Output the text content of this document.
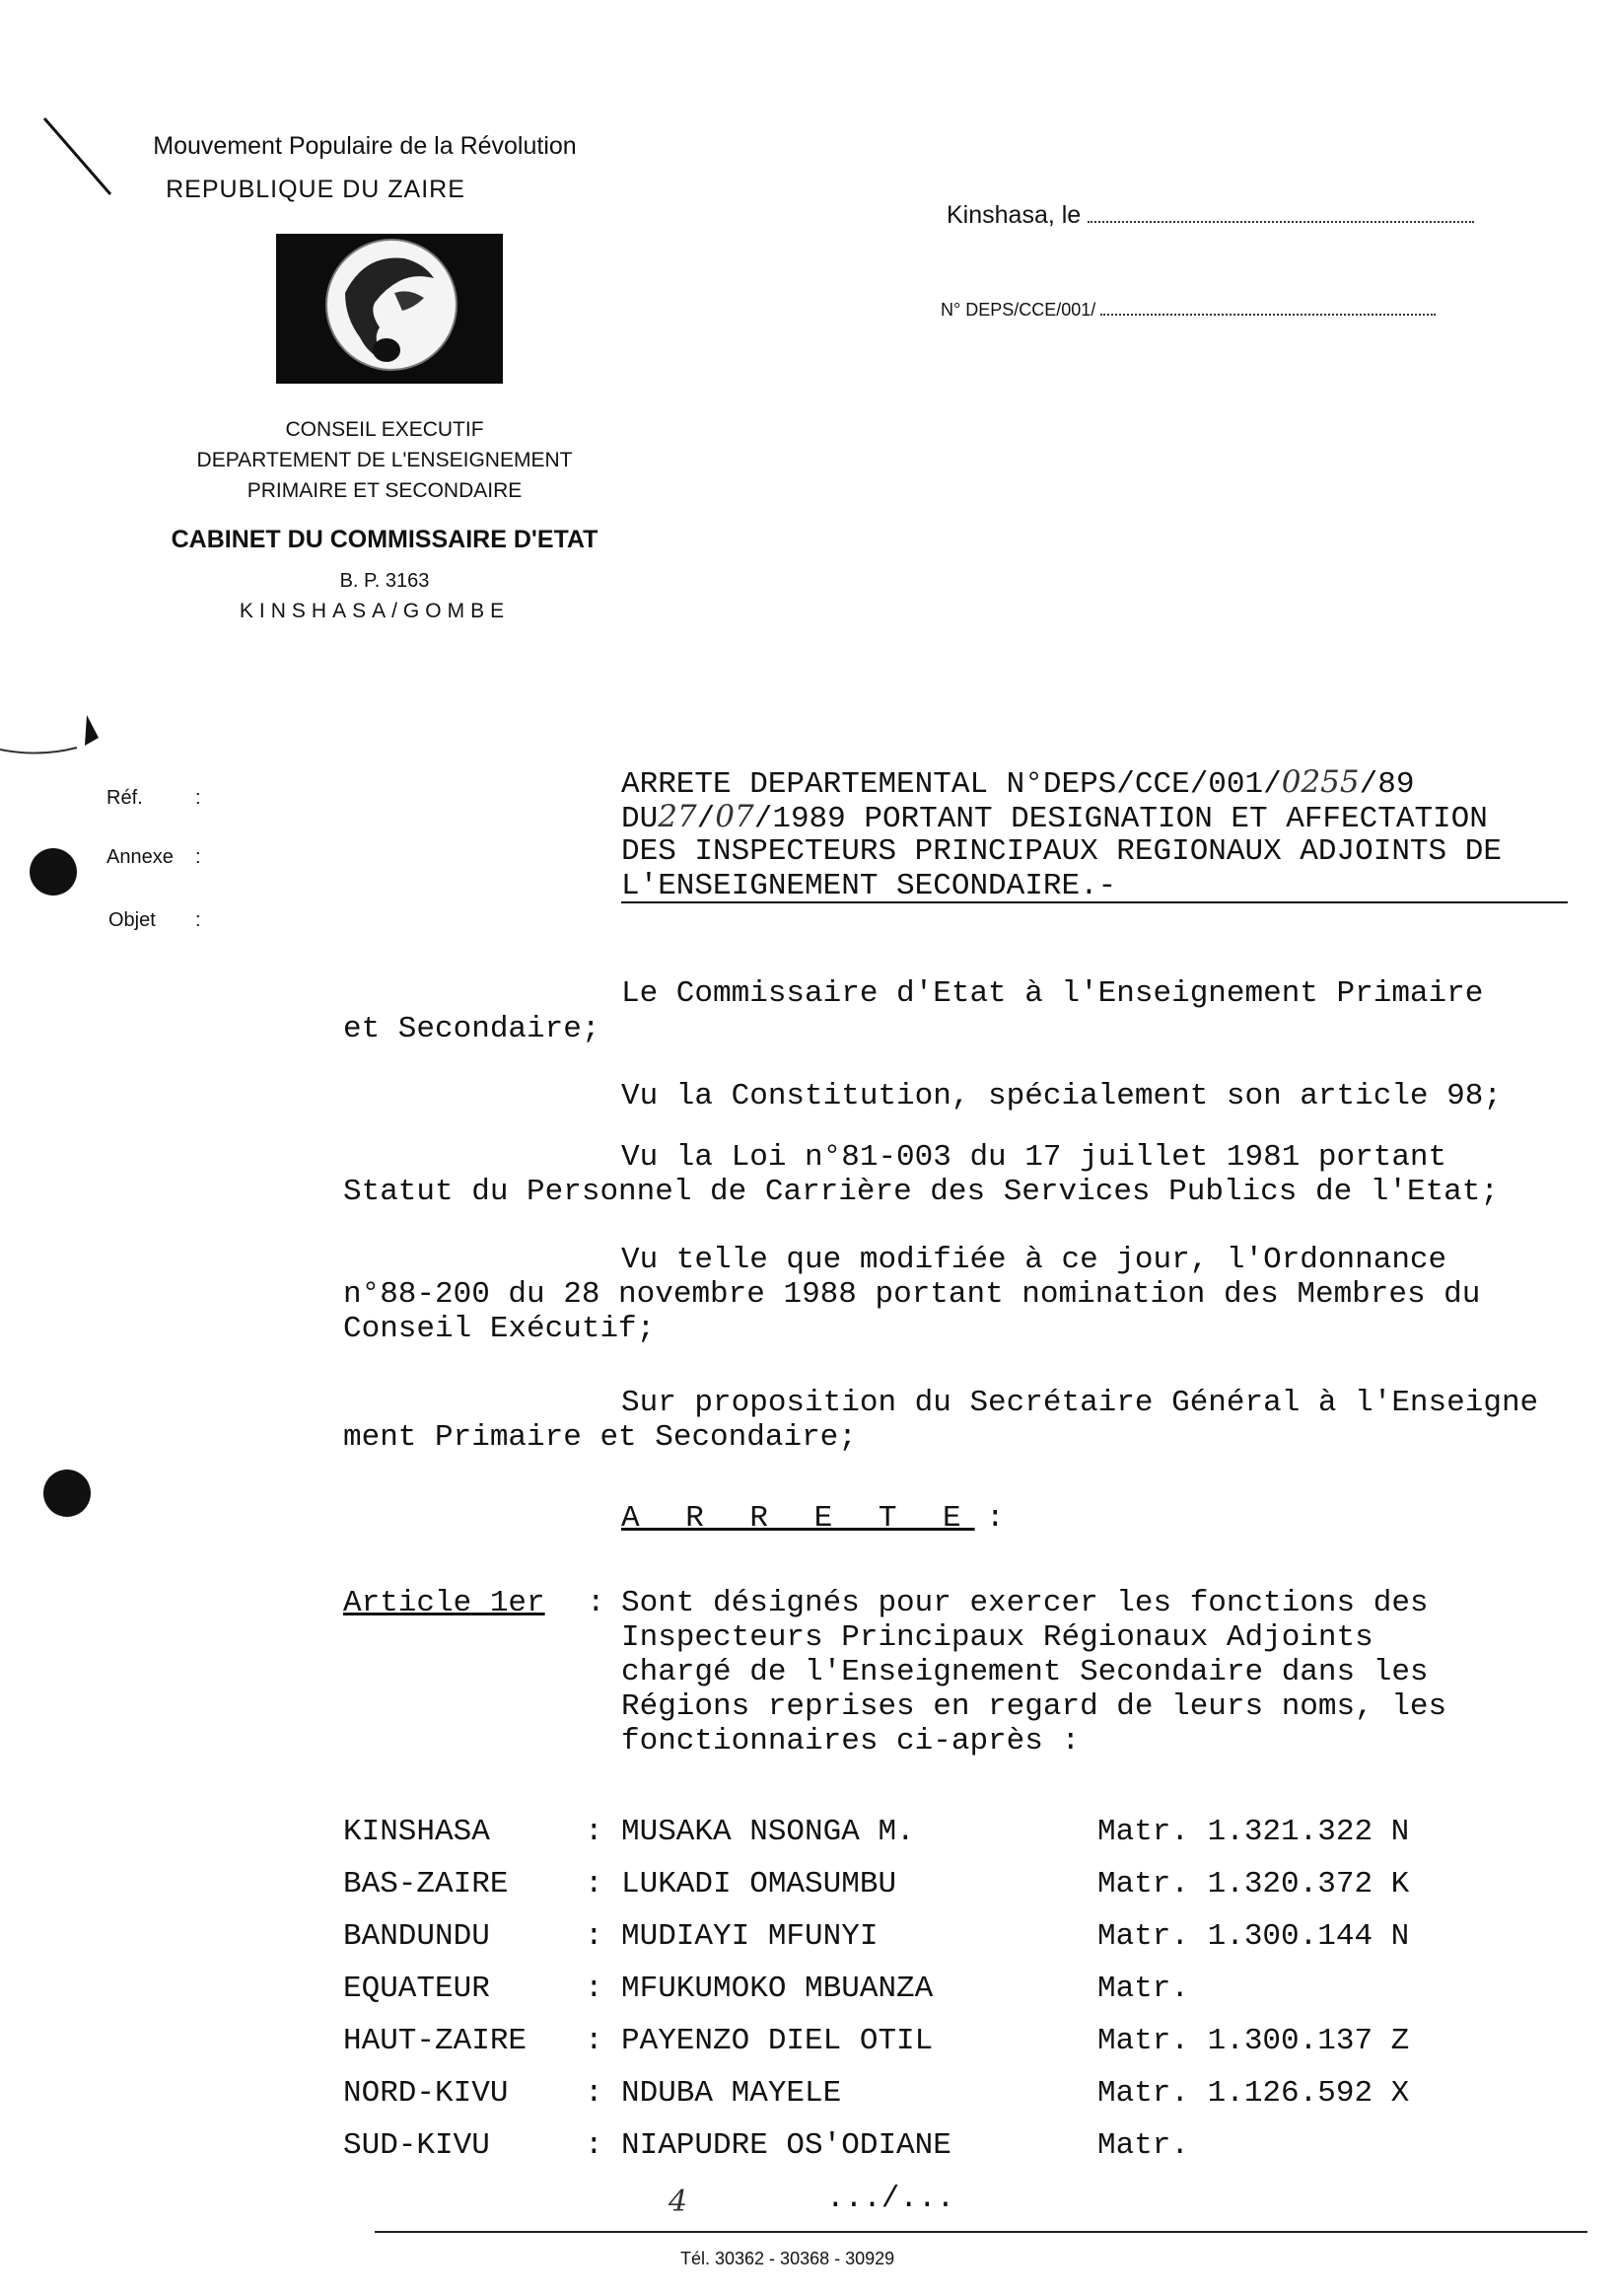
Mouvement Populaire de la Révolution
REPUBLIQUE DU ZAIRE
CONSEIL EXECUTIF
DEPARTEMENT DE L'ENSEIGNEMENT
PRIMAIRE ET SECONDAIRE
CABINET DU COMMISSAIRE D'ETAT
B. P. 3163
KINSHASA/GOMBE
Kinshasa, le
N° DEPS/CCE/001/
Réf.	:
Annexe :
Objet :
ARRETE DEPARTEMENTAL N°DEPS/CCE/001/0255/89
DU27/07/1989 PORTANT DESIGNATION ET AFFECTATION
DES INSPECTEURS PRINCIPAUX REGIONAUX ADJOINTS DE
L'ENSEIGNEMENT SECONDAIRE.-
Le Commissaire d'Etat à l'Enseignement Primaire
et Secondaire;
Vu la Constitution, spécialement son article 98;
Vu la Loi n°81-003 du 17 juillet 1981 portant
Statut du Personnel de Carrière des Services Publics de l'Etat;
Vu telle que modifiée à ce jour, l'Ordonnance
n°88-200 du 28 novembre 1988 portant nomination des Membres du
Conseil Exécutif;
Sur proposition du Secrétaire Général à l'Enseigne
ment Primaire et Secondaire;
A R R E T E :
Article 1er : Sont désignés pour exercer les fonctions des
Inspecteurs Principaux Régionaux Adjoints
chargé de l'Enseignement Secondaire dans les
Régions reprises en regard de leurs noms, les
fonctionnaires ci-après :
KINSHASA	: MUSAKA NSONGA M.	Matr. 1.321.322 N
BAS-ZAIRE	: LUKADI OMASUMBU	Matr. 1.320.372 K
BANDUNDU	: MUDIAYI MFUNYI	Matr. 1.300.144 N
EQUATEUR	: MFUKUMOKO MBUANZA	Matr.
HAUT-ZAIRE : PAYENZO DIEL OTIL	Matr. 1.300.137 Z
NORD-KIVU	: NDUBA MAYELE	Matr. 1.126.592 X
SUD-KIVU	: NIAPUDRE OS'ODIANE	Matr.
4	.../...
Tél. 30362 - 30368 - 30929
